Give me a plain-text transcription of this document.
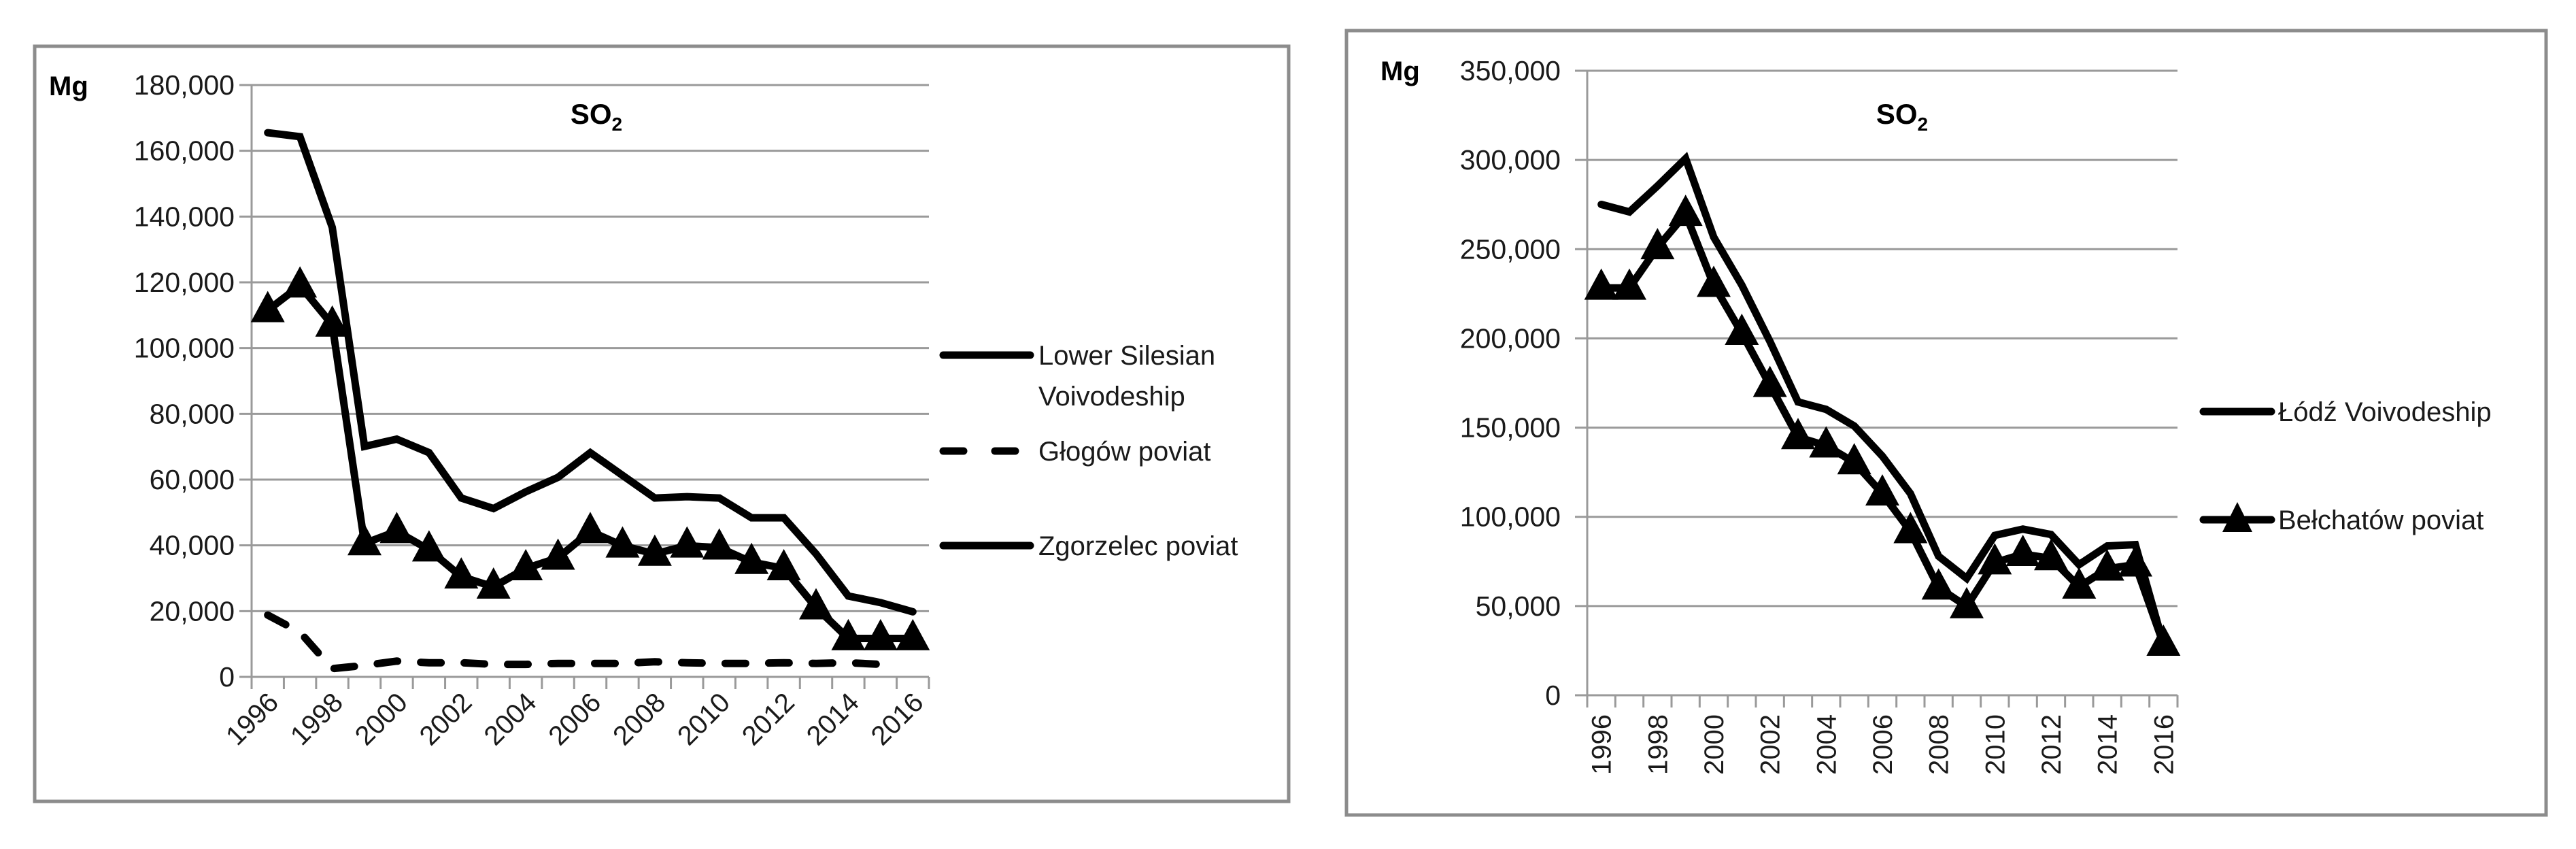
0
20,000
40,000
60,000
80,000
100,000
120,000
140,000
160,000
180,000
1996 1998 2000 2002 2004 2006 2008 2010 2012 2014 2016
Mg
$SO_2$
Lower Silesian
Voivodeship
Głogów poviat
Zgorzelec poviat
0
50,000
100,000
150,000
200,000
250,000
300,000
350,000
1996 1998 2000 2002 2004 2006 2008 2010 2012 2014 2016
Mg
$SO_2$
Łódź Voivodeship
Bełchatów poviat
